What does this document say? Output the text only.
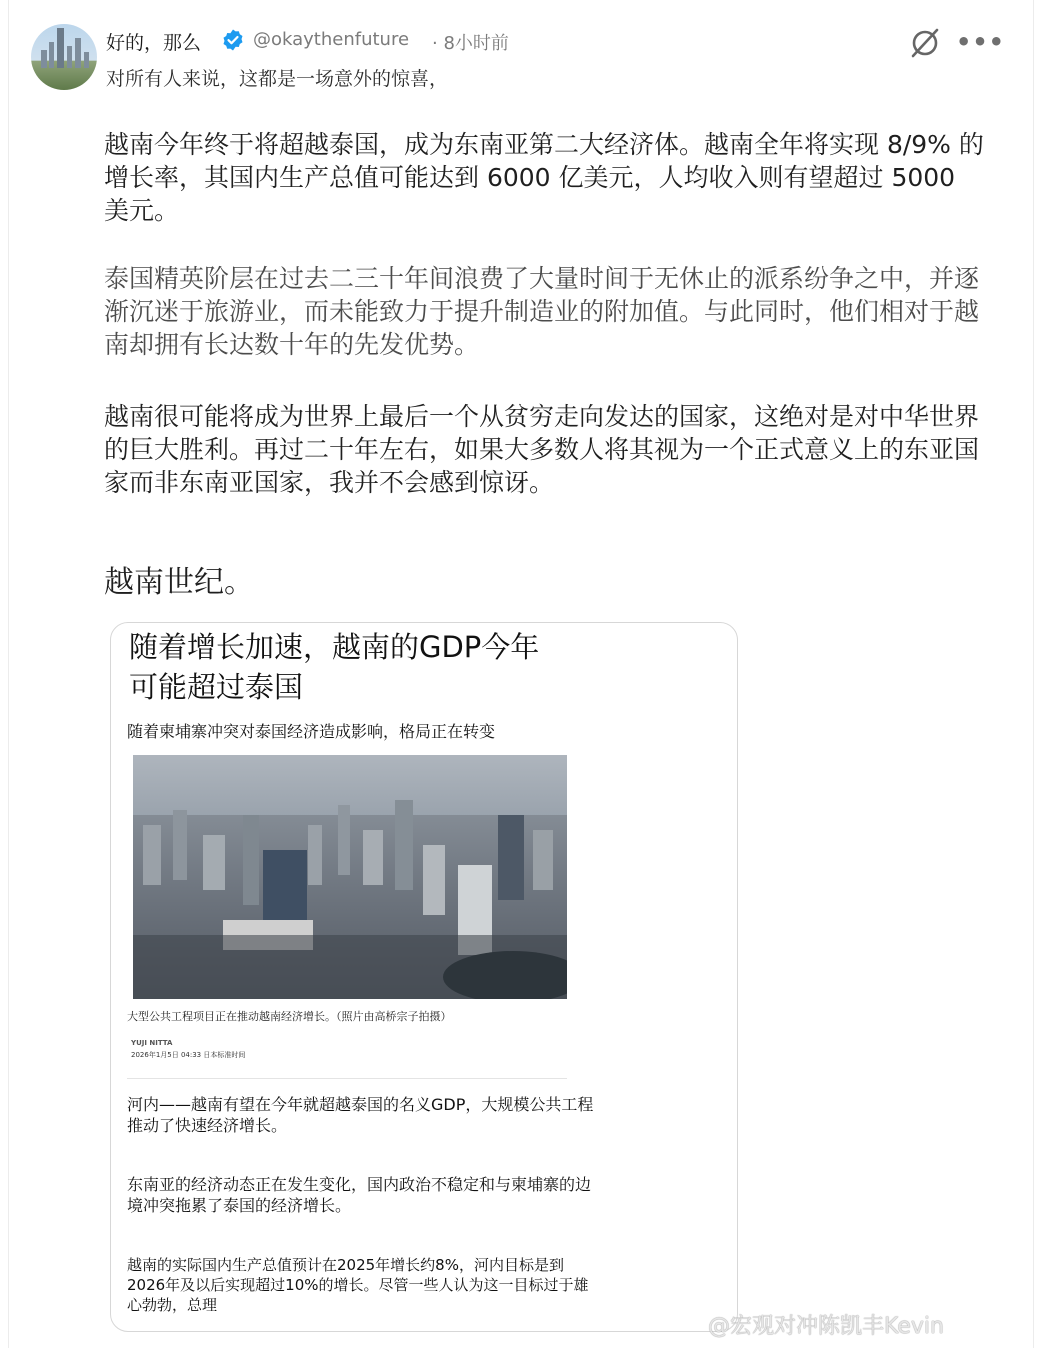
好的，那么	@okaythenfuture · 8小时前
对所有人来说，这都是一场意外的惊喜，
•••
越南今年终于将超越泰国，成为东南亚第二大经济体。越南全年将实现 8/9% 的增长率，其国内生产总值可能达到 6000 亿美元，人均收入则有望超过 5000 美元。
泰国精英阶层在过去二三十年间浪费了大量时间于无休止的派系纷争之中，并逐渐沉迷于旅游业，而未能致力于提升制造业的附加值。与此同时，他们相对于越南却拥有长达数十年的先发优势。
越南很可能将成为世界上最后一个从贫穷走向发达的国家，这绝对是对中华世界的巨大胜利。再过二十年左右，如果大多数人将其视为一个正式意义上的东亚国家而非东南亚国家，我并不会感到惊讶。
越南世纪。
随着增长加速，越南的GDP今年可能超过泰国
随着柬埔寨冲突对泰国经济造成影响，格局正在转变
大型公共工程项目正在推动越南经济增长。（照片由高桥宗子拍摄）
YUJI NITTA
2026年1月5日 04:33 日本标准时间
河内——越南有望在今年就超越泰国的名义GDP，大规模公共工程推动了快速经济增长。
东南亚的经济动态正在发生变化，国内政治不稳定和与柬埔寨的边境冲突拖累了泰国的经济增长。
越南的实际国内生产总值预计在2025年增长约8%，河内目标是到2026年及以后实现超过10%的增长。尽管一些人认为这一目标过于雄心勃勃，总理
@宏观对冲陈凯丰Kevin
